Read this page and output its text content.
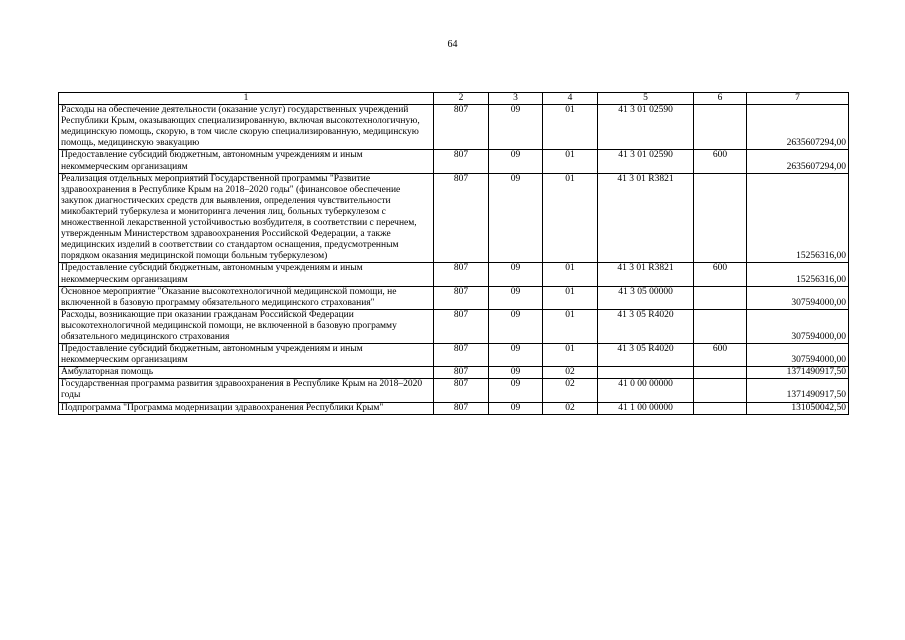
64
1	2	3	4	5	6	7
Расходы на обеспечение деятельности (оказание услуг) государственных учреждений Республики Крым, оказывающих специализированную, включая высокотехнологичную, медицинскую помощь, скорую, в том числе скорую специализированную, медицинскую помощь, медицинскую эвакуацию	807	09	01	41 3 01 02590		2635607294,00
Предоставление субсидий бюджетным, автономным учреждениям и иным некоммерческим организациям	807	09	01	41 3 01 02590	600	2635607294,00
Реализация отдельных мероприятий Государственной программы "Развитие здравоохранения в Республике Крым на 2018–2020 годы" (финансовое обеспечение закупок диагностических средств для выявления, определения чувствительности микобактерий туберкулеза и мониторинга лечения лиц, больных туберкулезом с множественной лекарственной устойчивостью возбудителя, в соответствии с перечнем, утвержденным Министерством здравоохранения Российской Федерации, а также медицинских изделий в соответствии со стандартом оснащения, предусмотренным порядком оказания медицинской помощи больным туберкулезом)	807	09	01	41 3 01 R3821		15256316,00
Предоставление субсидий бюджетным, автономным учреждениям и иным некоммерческим организациям	807	09	01	41 3 01 R3821	600	15256316,00
Основное мероприятие "Оказание высокотехнологичной медицинской помощи, не включенной в базовую программу обязательного медицинского страхования"	807	09	01	41 3 05 00000		307594000,00
Расходы, возникающие при оказании гражданам Российской Федерации высокотехнологичной медицинской помощи, не включенной в базовую программу обязательного медицинского страхования	807	09	01	41 3 05 R4020		307594000,00
Предоставление субсидий бюджетным, автономным учреждениям и иным некоммерческим организациям	807	09	01	41 3 05 R4020	600	307594000,00
Амбулаторная помощь	807	09	02			1371490917,50
Государственная программа развития здравоохранения в Республике Крым на 2018–2020 годы	807	09	02	41 0 00 00000		1371490917,50
Подпрограмма "Программа модернизации здравоохранения Республики Крым"	807	09	02	41 1 00 00000		131050042,50
